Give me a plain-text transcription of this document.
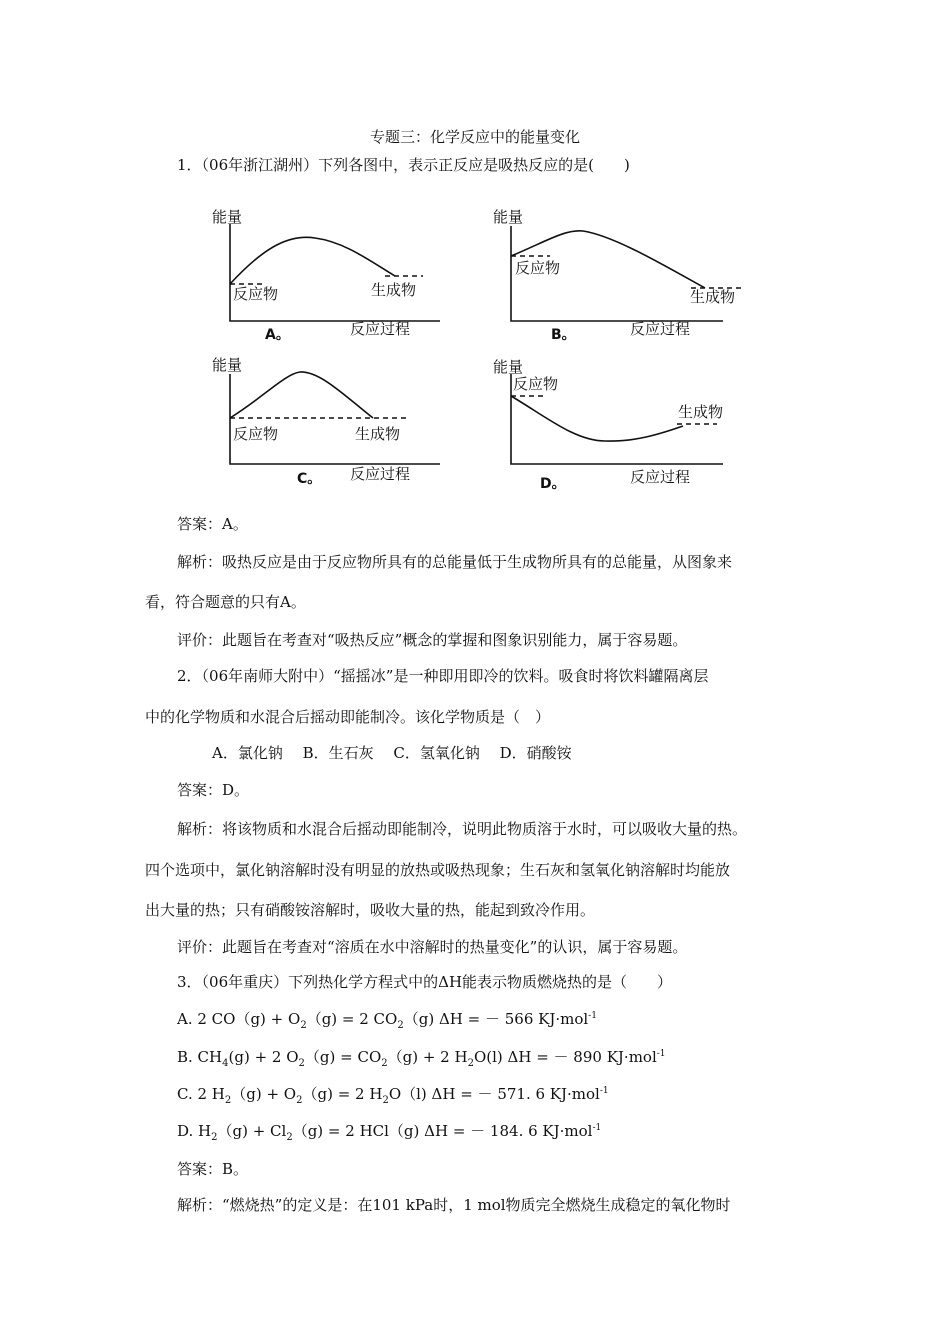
专题三：化学反应中的能量变化
1．（06年浙江湖州）下列各图中，表示正反应是吸热反应的是(　　)
能量
反应物	生成物
A。	反应过程
能量
反应物
生成物
B。	反应过程
能量
反应物	生成物
C。 反应过程
能量
反应物
生成物
D。	反应过程
答案：A。
解析：吸热反应是由于反应物所具有的总能量低于生成物所具有的总能量，从图象来
看，符合题意的只有A。
评价：此题旨在考查对“吸热反应”概念的掌握和图象识别能力，属于容易题。
2．（06年南师大附中）“摇摇冰”是一种即用即冷的饮料。吸食时将饮料罐隔离层
中的化学物质和水混合后摇动即能制冷。该化学物质是（　）
A．氯化钠　 B．生石灰　 C．氢氧化钠　 D．硝酸铵
答案：D。
解析：将该物质和水混合后摇动即能制冷，说明此物质溶于水时，可以吸收大量的热。
四个选项中，氯化钠溶解时没有明显的放热或吸热现象；生石灰和氢氧化钠溶解时均能放
出大量的热；只有硝酸铵溶解时，吸收大量的热，能起到致冷作用。
评价：此题旨在考查对“溶质在水中溶解时的热量变化”的认识，属于容易题。
3．（06年重庆）下列热化学方程式中的ΔH能表示物质燃烧热的是（　　）
A. 2 $CO(g) + O_2(g) = 2$ $CO_2(g)$ ΔH = － 566 KJ·mol$^{-1}$
B. $CH_4(g) + 2$ $O_2(g) = CO_2(g) + 2$ $H_2O(l) \Delta H$ = － 890 KJ·mol$^{-1}$
C. 2 $H_2(g) + O_2(g) = 2$ $H_2O(l)$ ΔH = － 571. 6 KJ·mol$^{-1}$
D. $H_2(g) + Cl_2(g) = 2$ HCl（g) ΔH = － 184. 6 KJ·mol$^{-1}$
答案：B。
解析：“燃烧热”的定义是：在101 kPa时，1 mol物质完全燃烧生成稳定的氧化物时
